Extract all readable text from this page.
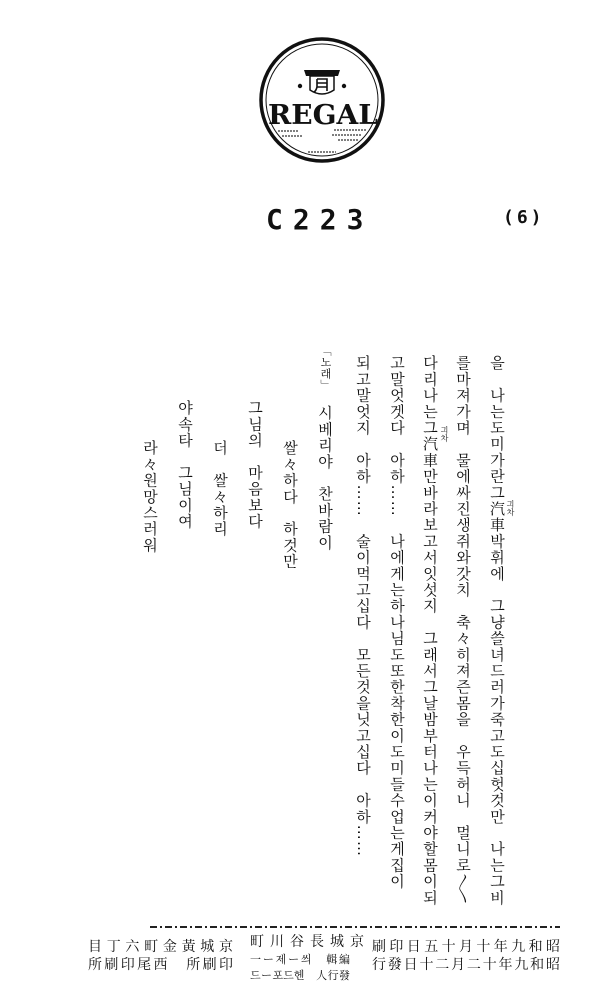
REGAL
C223	(6)
을　나는도미가란그汽車박휘에　그냥쓸녀드러가죽고도십헛것만　나는그비 긔차
를마져가며　물에싸진생쥐와갓치　축々히져즌몸을　우득허니　멀니로〱
다리나는그汽車만바라보고서잇섯지　그래서그날밤부터나는이커야할몸이되 긔차
고말엇겟다　아하……　나에게는하나님도또한착한이도미들수업는게집이
되고말엇지　아하……　술이먹고십다　모든것을닛고십다　아하……
「노래」
시베리야　찬바람이
쌀々하다　하것만
그님의　마음보다
더　쌀々하리
야속타　그님이여
라々원망스러워
目丁六町金黃城京
所刷印尾西　所刷印
町川谷長城京
一ー제ー씌　輯編
드ー포드헨　人行發
刷印日五十月十年九和昭
行發日十二月二十年九和昭
